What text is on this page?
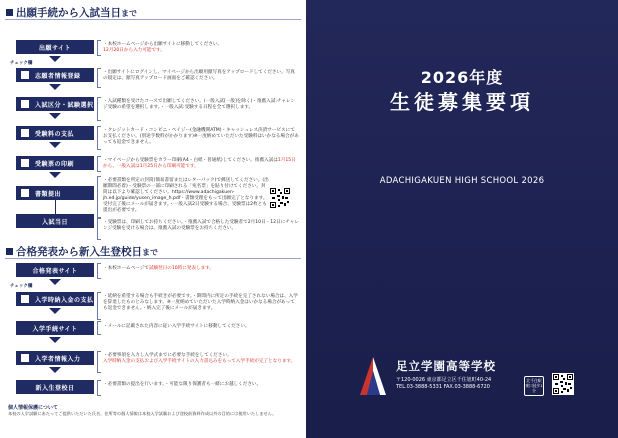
出願手続から入試当日まで
チェック欄
出願サイト
志願者情報登録
入試区分・試験選択
受験料の支払
受験票の印刷
書類提出
入試当日
・本校ホームページから出願サイトに移動してください。
12月20日から入力可能です。
・出願サイトにログインし、マイページから出願用顔写真をアップロードしてください。写真の規定は、顔写真アップロード画面をご確認ください。
・入試種類を受けたコースで出願してください。(一般入試[一般]を除く)・推薦入試:チャレンジ受験の希望を選択します。・一般入試:受験する日程を全て選択します。
・クレジットカード・コンビニ・ペイジー(金融機関ATM)・キャッシュレス決済サービスにてお支払ください。(別途手数料がかかります)※一度納めていただいた受験料はいかなる場合があっても返金できません。
・マイページから受験票をカラー印刷(A4・白紙・普通紙)してください。推薦入試は1月15日から、一般入試は1月25日から印刷可能です。
・必要書類を所定の封筒(簡易書留またはレターパック)で郵送してください。(出願期間必着)・受験票の一部に印刷される「宛名票」を貼り付けてください。封筒は以下より確認してください。https://www.adachigakuen-jh.ed.jp/guide/yusen_image_h.pdf・書類受理をもって出願完了となります。受付完了後にメールが届きます。・一般入試2日受験する場合、受験票は2枚とも提出が必要です。
・受験票は、印刷してお持ちください。・推薦入試で合格した受験者で2月10日・12日にチャレンジ受験を受ける場合は、推薦入試の受験票をお持ちください。
合格発表から新入生登校日まで
チェック欄
合格発表サイト
入学時納入金の支払
入学手続サイト
入学者情報入力
新入生登校日
・本校ホームページで試験翌日の10時に発表します。
・延納を希望する場合も手続きが必要です。・期間内に所定の手続を完了されない場合は、入学を辞退したものとみなします。※一度納めていただいた入学時納入金はいかなる場合があっても返金できません。・納入完了後にメールが届きます。
・メールに記載された内容に従い入学手続サイトに移動してください。
・必要事項を入力し入学式までに必要な手続をしてください。
入学時納入金の支払および入学手続サイトの入力書込みをもって入学手続が完了となります。
・必要書類の提出を行います。・可能な限り保護者も一緒にお越しください。
個人情報保護について
本校の入学試験にあたってご提供いただいた氏名、住所等の個人情報は本校入学試験および登校前資料作成以外の目的には使用いたしません。
2026年度
生徒募集要項
ADACHIGAKUEN HIGH SCHOOL 2026
足立学園高等学校
〒120-0026 東京都足立区千住旭町40-24
TEL.03-3888-5331 FAX.03-3888-6720
北千住駅東口徒歩1分
